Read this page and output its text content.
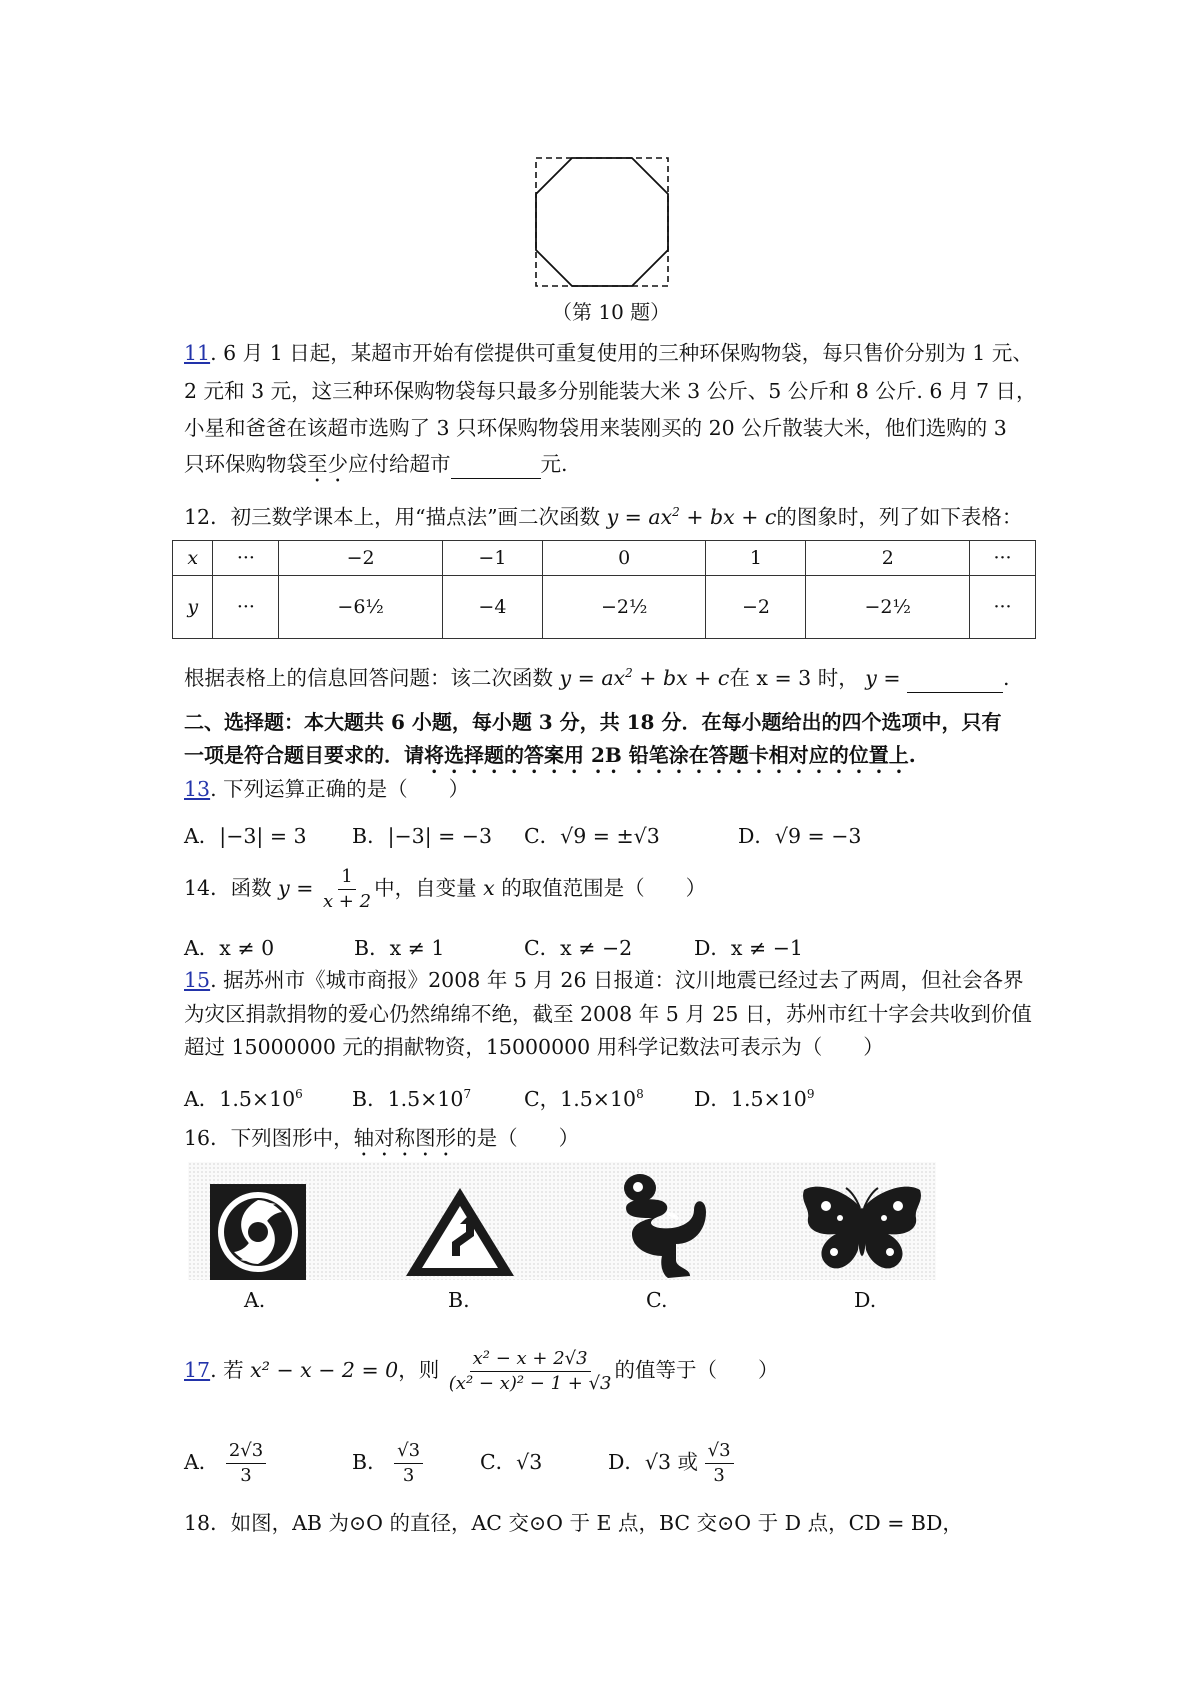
（第 10 题）
11. 6 月 1 日起，某超市开始有偿提供可重复使用的三种环保购物袋，每只售价分别为 1 元、
2 元和 3 元，这三种环保购物袋每只最多分别能装大米 3 公斤、5 公斤和 8 公斤. 6 月 7 日，
小星和爸爸在该超市选购了 3 只环保购物袋用来装刚买的 20 公斤散装大米，他们选购的 3
只环保购物袋至少应付给超市	元.
12．初三数学课本上，用“描点法”画二次函数 $y = ax^2$ + bx + c的图象时，列了如下表格：
x	···	−2	−1	0	1	2	···
y	···	−6½	−4	−2½	−2	−2½	···
根据表格上的信息回答问题：该二次函数 $y = ax^2$ + bx + c在 x = 3 时， y =	.
二、选择题：本大题共 6 小题，每小题 3 分，共 18 分．在每小题给出的四个选项中，只有
一项是符合题目要求的．请将选择题的答案用 2B 铅笔涂在答题卡相对应的位置上.
13. 下列运算正确的是（　　）
A．|−3| = 3 B．|−3| = −3 C．√9 = ±√3	D．√9 = −3
14．函数 $y = \frac{1}{x + 2}$ 中，自变量 x 的取值范围是（　　）
A．x ≠ 0	B．x ≠ 1	C．x ≠ −2	D．x ≠ −1
15. 据苏州市《城市商报》2008 年 5 月 26 日报道：汶川地震已经过去了两周，但社会各界
为灾区捐款捐物的爱心仍然绵绵不绝，截至 2008 年 5 月 25 日，苏州市红十字会共收到价值
超过 15000000 元的捐献物资，15000000 用科学记数法可表示为（　　）
A．$1.5\times 10^6$ B．$1.5\times 10^7$	C，$1.5\times 10^8$ D．$1.5\times 10^9$
16．下列图形中，轴对称图形的是（　　）
A.	B.	C.	D.
17. 若 x² − x − 2 = 0，则 $\frac{\text{x² − x + 2√3}}{\text{(x² − x)² − 1 + √3}}$ 的值等于（　　）
A． $\frac{2√3}{3}$	B． $\frac{√3}{3}$	C．√3	D．√3 或 $\frac{√3}{3}$
18．如图，AB 为⊙O 的直径，AC 交⊙O 于 E 点，BC 交⊙O 于 D 点，CD = BD，
